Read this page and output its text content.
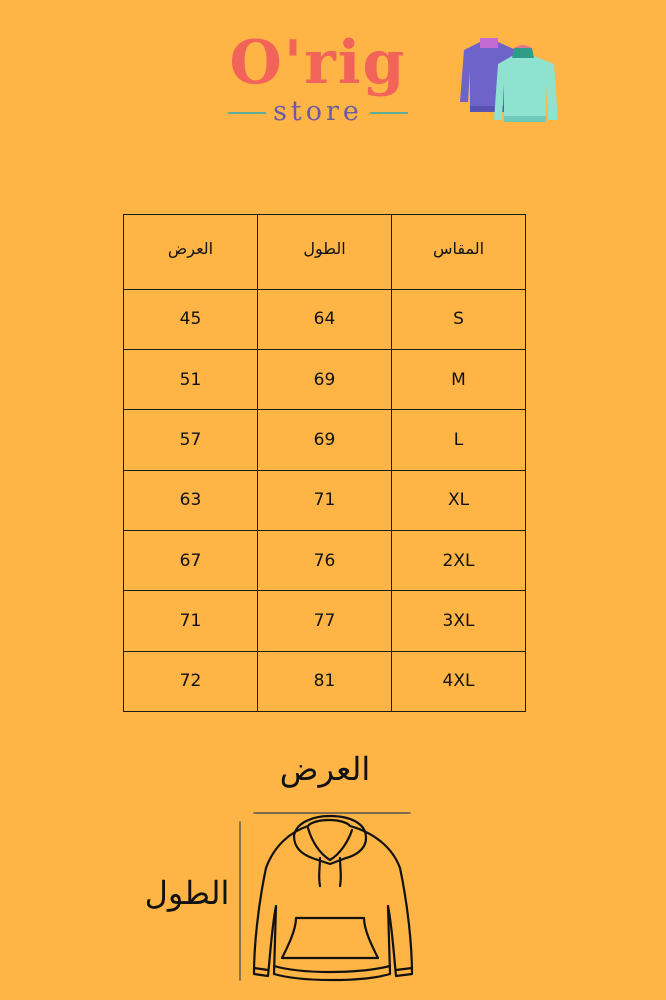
O'rig
store
المقاس	الطول	العرض
S	64	45
M	69	51
L	69	57
XL	71	63
2XL	76	67
3XL	77	71
4XL	81	72
العرض
الطول
